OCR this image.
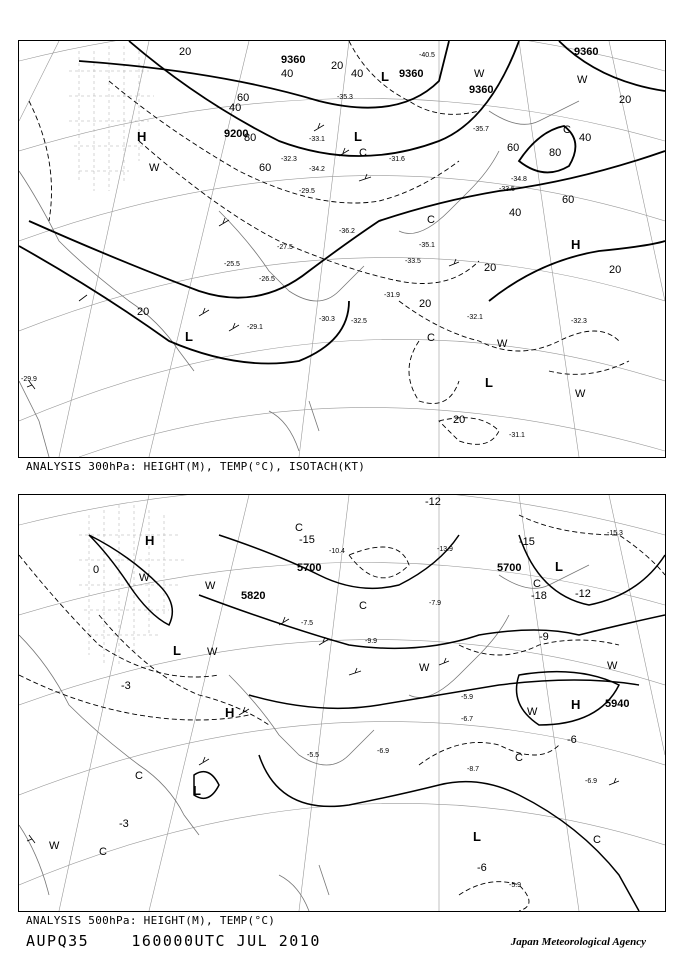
9360
9360
9360
9360
9200
20
40
60
80
40
60
80
40
60
20
40
20
20
20
40
60
20
20
20
-40.5
-35.3
-33.1
-32.3
-34.2
-31.6
-29.5
-27.5
-25.5
-26.5
-30.3
-31.9
-32.5
-35.1
-33.5
-32.1
-29.1
-29.9
-31.1
-35.7
-34.8
-33.5
-32.3
-36.2
L
L
L
L
H
H
C
C
C
C
W
W
W
W
W
ANALYSIS 300hPa: HEIGHT(M), TEMP(°C), ISOTACH(KT)
5700	5700
5820
5940
-12
-15	-15
-18	-12
-9
-6
-6
-3
-3
0
-15.3
-13.9
-10.4
-9.9
-7.9
-7.5
-5.9
-6.7
-8.7
-6.9
-5.5
-5.9
-6.9
H
H
H
L
L
L
L
C
C
C
C
C
C
C
W
W
W
W
W
W
W
ANALYSIS 500hPa: HEIGHT(M), TEMP(°C)
AUPQ35	160000UTC JUL 2010	Japan Meteorological Agency
